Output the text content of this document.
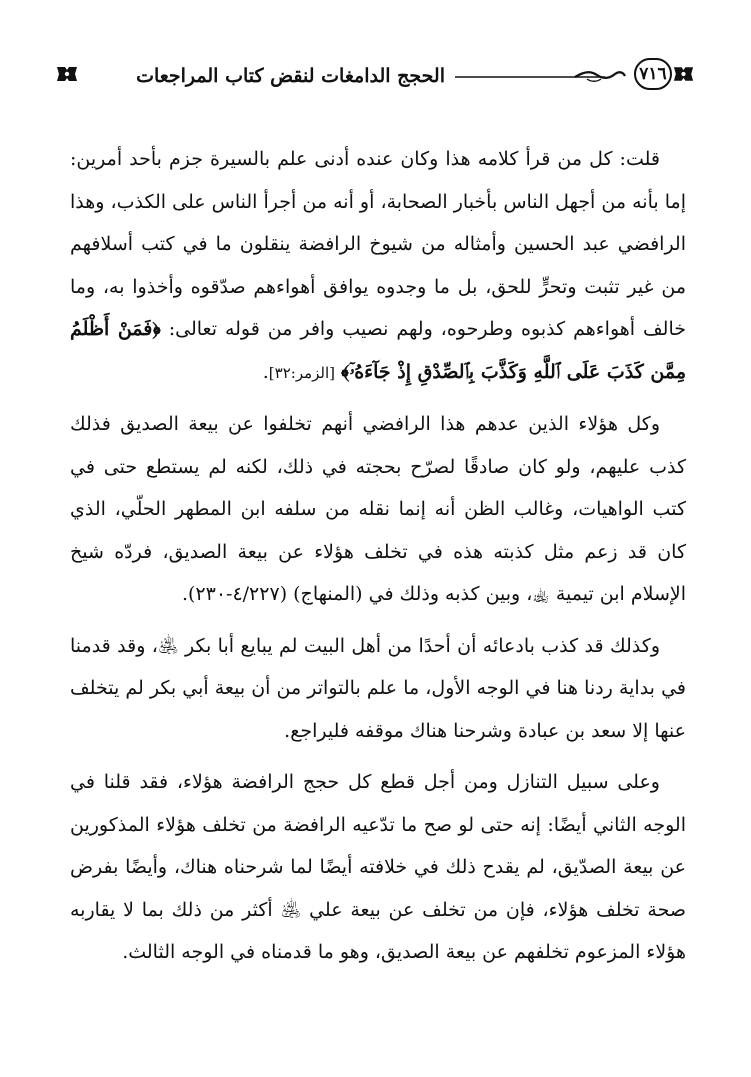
الحجج الدامغات لنقض كتاب المراجعات	٧١٦

قلت: كل من قرأ كلامه هذا وكان عنده أدنى علم بالسيرة جزم بأحد أمرين: إما بأنه من أجهل الناس بأخبار الصحابة، أو أنه من أجرأ الناس على الكذب، وهذا الرافضي عبد الحسين وأمثاله من شيوخ الرافضة ينقلون ما في كتب أسلافهم من غير تثبت وتحرٍّ للحق، بل ما وجدوه يوافق أهواءهم صدّقوه وأخذوا به، وما خالف أهواءهم كذبوه وطرحوه، ولهم نصيب وافر من قوله تعالى: ﴿فَمَنْ أَظْلَمُ مِمَّن كَذَبَ عَلَى ٱللَّهِ وَكَذَّبَ بِٱلصِّدْقِ إِذْ جَآءَهُۥٓ﴾ [الزمر:٣٢].

وكل هؤلاء الذين عدهم هذا الرافضي أنهم تخلفوا عن بيعة الصديق فذلك كذب عليهم، ولو كان صادقًا لصرّح بحجته في ذلك، لكنه لم يستطع حتى في كتب الواهيات، وغالب الظن أنه إنما نقله من سلفه ابن المطهر الحلّي، الذي كان قد زعم مثل كذبته هذه في تخلف هؤلاء عن بيعة الصديق، فردّه شيخ الإسلام ابن تيمية ﵀، وبين كذبه وذلك في (المنهاج) (٤/٢٢٧-٢٣٠).

وكذلك قد كذب بادعائه أن أحدًا من أهل البيت لم يبايع أبا بكر ﵁، وقد قدمنا في بداية ردنا هنا في الوجه الأول، ما علم بالتواتر من أن بيعة أبي بكر لم يتخلف عنها إلا سعد بن عبادة وشرحنا هناك موقفه فليراجع.

وعلى سبيل التنازل ومن أجل قطع كل حجج الرافضة هؤلاء، فقد قلنا في الوجه الثاني أيضًا: إنه حتى لو صح ما تدّعيه الرافضة من تخلف هؤلاء المذكورين عن بيعة الصدّيق، لم يقدح ذلك في خلافته أيضًا لما شرحناه هناك، وأيضًا بفرض صحة تخلف هؤلاء، فإن من تخلف عن بيعة علي ﵁ أكثر من ذلك بما لا يقاربه هؤلاء المزعوم تخلفهم عن بيعة الصديق، وهو ما قدمناه في الوجه الثالث.
